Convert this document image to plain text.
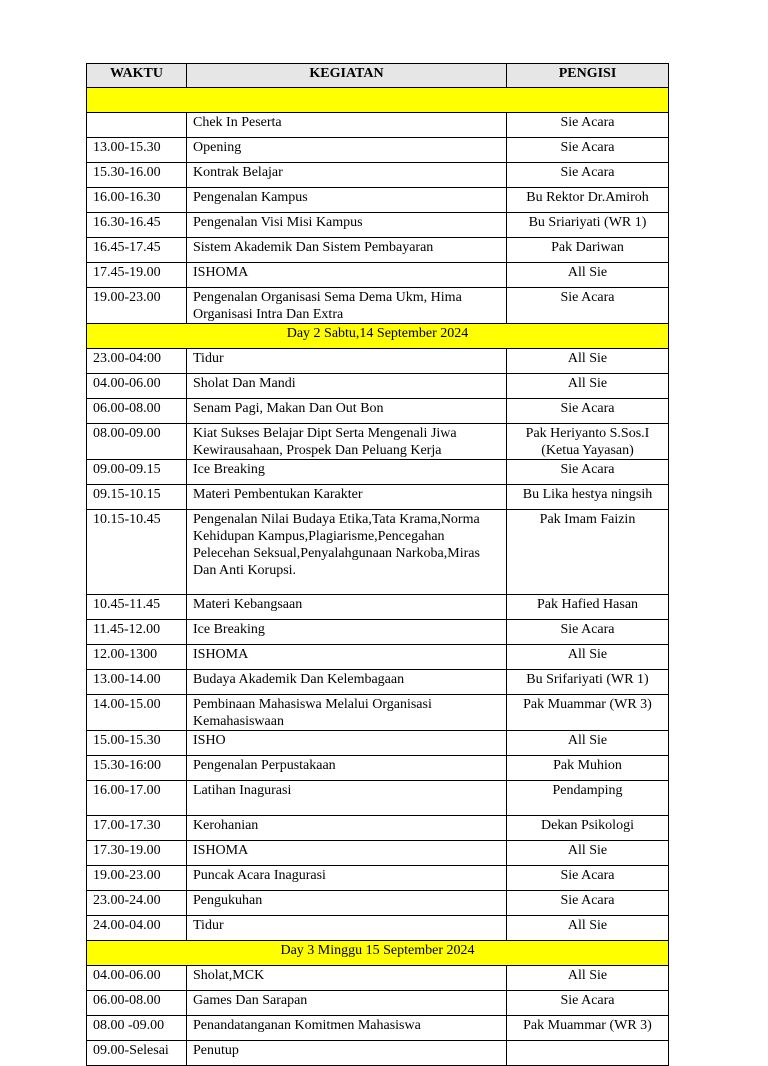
WAKTU	KEGIATAN	PENGISI

	Chek In Peserta	Sie Acara
13.00-15.30	Opening	Sie Acara
15.30-16.00	Kontrak Belajar	Sie Acara
16.00-16.30	Pengenalan Kampus	Bu Rektor Dr.Amiroh
16.30-16.45	Pengenalan Visi Misi Kampus	Bu Sriariyati (WR 1)
16.45-17.45	Sistem Akademik Dan Sistem Pembayaran	Pak Dariwan
17.45-19.00	ISHOMA	All Sie
19.00-23.00	Pengenalan Organisasi Sema Dema Ukm, Hima Organisasi Intra Dan Extra	Sie Acara
Day 2 Sabtu,14 September 2024		
23.00-04:00	Tidur	All Sie
04.00-06.00	Sholat Dan Mandi	All Sie
06.00-08.00	Senam Pagi, Makan Dan Out Bon	Sie Acara
08.00-09.00	Kiat Sukses Belajar Dipt Serta Mengenali Jiwa Kewirausahaan, Prospek Dan Peluang Kerja	Pak Heriyanto S.Sos.I (Ketua Yayasan)
09.00-09.15	Ice Breaking	Sie Acara
09.15-10.15	Materi Pembentukan Karakter	Bu Lika hestya ningsih
10.15-10.45	Pengenalan Nilai Budaya Etika,Tata Krama,Norma Kehidupan Kampus,Plagiarisme,Pencegahan Pelecehan Seksual,Penyalahgunaan Narkoba,Miras Dan Anti Korupsi.	Pak Imam Faizin
10.45-11.45	Materi Kebangsaan	Pak Hafied Hasan
11.45-12.00	Ice Breaking	Sie Acara
12.00-1300	ISHOMA	All Sie
13.00-14.00	Budaya Akademik Dan Kelembagaan	Bu Srifariyati (WR 1)
14.00-15.00	Pembinaan Mahasiswa Melalui Organisasi Kemahasiswaan	Pak Muammar (WR 3)
15.00-15.30	ISHO	All Sie
15.30-16:00	Pengenalan Perpustakaan	Pak Muhion
16.00-17.00	Latihan Inagurasi	Pendamping
17.00-17.30	Kerohanian	Dekan Psikologi
17.30-19.00	ISHOMA	All Sie
19.00-23.00	Puncak Acara Inagurasi	Sie Acara
23.00-24.00	Pengukuhan	Sie Acara
24.00-04.00	Tidur	All Sie
Day 3 Minggu 15 September 2024		
04.00-06.00	Sholat,MCK	All Sie
06.00-08.00	Games Dan Sarapan	Sie Acara
08.00 -09.00	Penandatanganan Komitmen Mahasiswa	Pak Muammar (WR 3)
09.00-Selesai	Penutup	
